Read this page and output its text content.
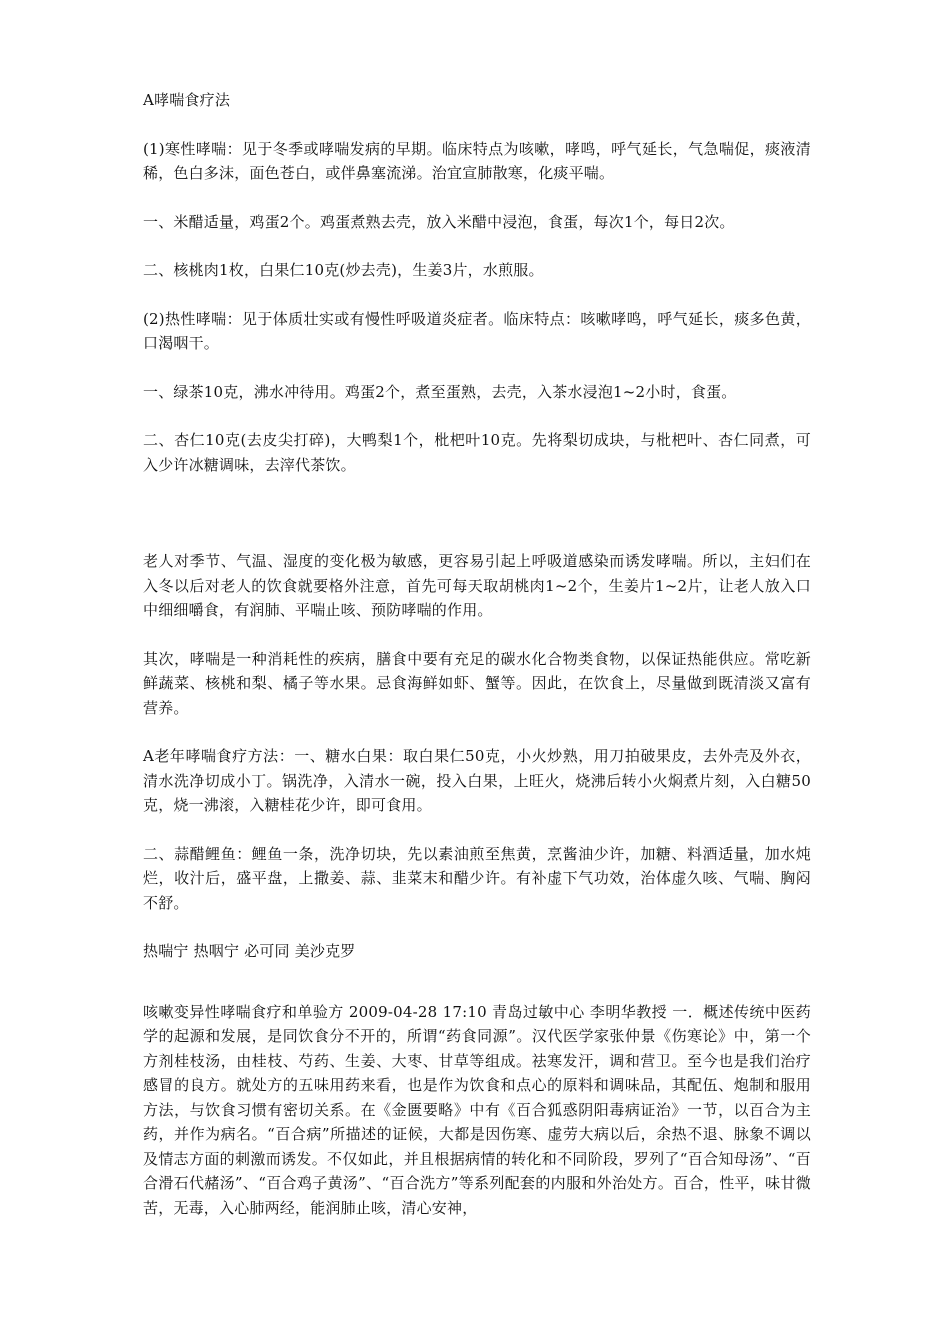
A哮喘食疗法

(1)寒性哮喘：见于冬季或哮喘发病的早期。临床特点为咳嗽，哮鸣，呼气延长，气急喘促，痰液清稀，色白多沫，面色苍白，或伴鼻塞流涕。治宜宣肺散寒，化痰平喘。

一、米醋适量，鸡蛋2个。鸡蛋煮熟去壳，放入米醋中浸泡，食蛋，每次1个，每日2次。

二、核桃肉1枚，白果仁10克(炒去壳)，生姜3片，水煎服。

(2)热性哮喘：见于体质壮实或有慢性呼吸道炎症者。临床特点：咳嗽哮鸣，呼气延长，痰多色黄，口渴咽干。

一、绿茶10克，沸水冲待用。鸡蛋2个，煮至蛋熟，去壳，入茶水浸泡1~2小时，食蛋。

二、杏仁10克(去皮尖打碎)，大鸭梨1个，枇杷叶10克。先将梨切成块，与枇杷叶、杏仁同煮，可入少许冰糖调味，去滓代茶饮。

老人对季节、气温、湿度的变化极为敏感，更容易引起上呼吸道感染而诱发哮喘。所以，主妇们在入冬以后对老人的饮食就要格外注意，首先可每天取胡桃肉1~2个，生姜片1~2片，让老人放入口中细细嚼食，有润肺、平喘止咳、预防哮喘的作用。

其次，哮喘是一种消耗性的疾病，膳食中要有充足的碳水化合物类食物，以保证热能供应。常吃新鲜蔬菜、核桃和梨、橘子等水果。忌食海鲜如虾、蟹等。因此，在饮食上，尽量做到既清淡又富有营养。

A老年哮喘食疗方法：一、糖水白果：取白果仁50克，小火炒熟，用刀拍破果皮，去外壳及外衣，清水洗净切成小丁。锅洗净，入清水一碗，投入白果，上旺火，烧沸后转小火焖煮片刻，入白糖50克，烧一沸滚，入糖桂花少许，即可食用。

二、蒜醋鲤鱼：鲤鱼一条，洗净切块，先以素油煎至焦黄，烹酱油少许，加糖、料酒适量，加水炖烂，收汁后，盛平盘，上撒姜、蒜、韭菜末和醋少许。有补虚下气功效，治体虚久咳、气喘、胸闷不舒。

热喘宁 热咽宁 必可同 美沙克罗

咳嗽变异性哮喘食疗和单验方 2009-04-28 17:10 青岛过敏中心 李明华教授 一．概述传统中医药学的起源和发展，是同饮食分不开的，所谓“药食同源”。汉代医学家张仲景《伤寒论》中，第一个方剂桂枝汤，由桂枝、芍药、生姜、大枣、甘草等组成。祛寒发汗，调和营卫。至今也是我们治疗感冒的良方。就处方的五味用药来看，也是作为饮食和点心的原料和调味品，其配伍、炮制和服用方法，与饮食习惯有密切关系。在《金匮要略》中有《百合狐惑阴阳毒病证治》一节，以百合为主药，并作为病名。“百合病”所描述的证候，大都是因伤寒、虚劳大病以后，余热不退、脉象不调以及情志方面的刺激而诱发。不仅如此，并且根据病情的转化和不同阶段，罗列了“百合知母汤”、“百合滑石代赭汤”、“百合鸡子黄汤”、“百合洗方”等系列配套的内服和外治处方。百合，性平，味甘微苦，无毒，入心肺两经，能润肺止咳，清心安神，
